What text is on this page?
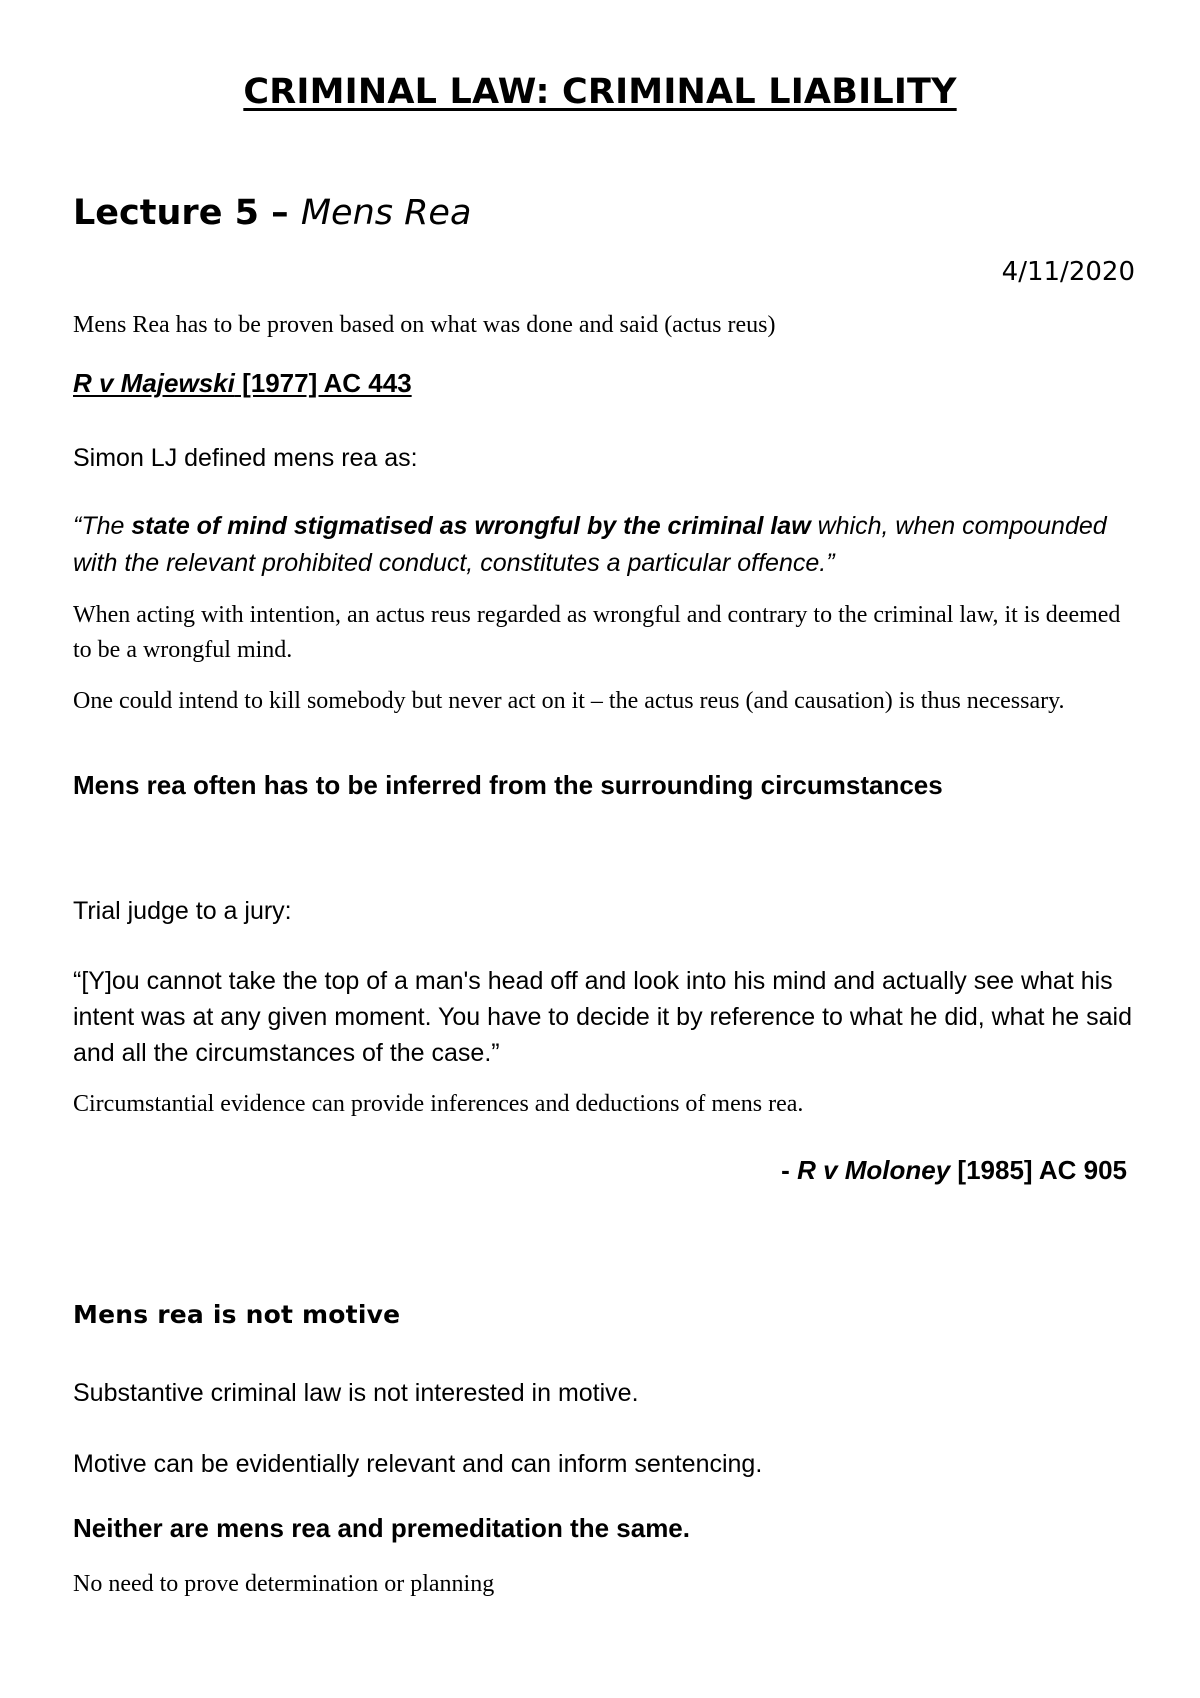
CRIMINAL LAW: CRIMINAL LIABILITY
Lecture 5 – Mens Rea
4/11/2020

Mens Rea has to be proven based on what was done and said (actus reus)

R v Majewski [1977] AC 443

Simon LJ defined mens rea as:

“The state of mind stigmatised as wrongful by the criminal law which, when compounded with the relevant prohibited conduct, constitutes a particular offence.”

When acting with intention, an actus reus regarded as wrongful and contrary to the criminal law, it is deemed to be a wrongful mind.

One could intend to kill somebody but never act on it – the actus reus (and causation) is thus necessary.

Mens rea often has to be inferred from the surrounding circumstances

Trial judge to a jury:

“[Y]ou cannot take the top of a man's head off and look into his mind and actually see what his intent was at any given moment. You have to decide it by reference to what he did, what he said and all the circumstances of the case.”

Circumstantial evidence can provide inferences and deductions of mens rea.

- R v Moloney [1985] AC 905

Mens rea is not motive

Substantive criminal law is not interested in motive.

Motive can be evidentially relevant and can inform sentencing.

Neither are mens rea and premeditation the same.

No need to prove determination or planning
